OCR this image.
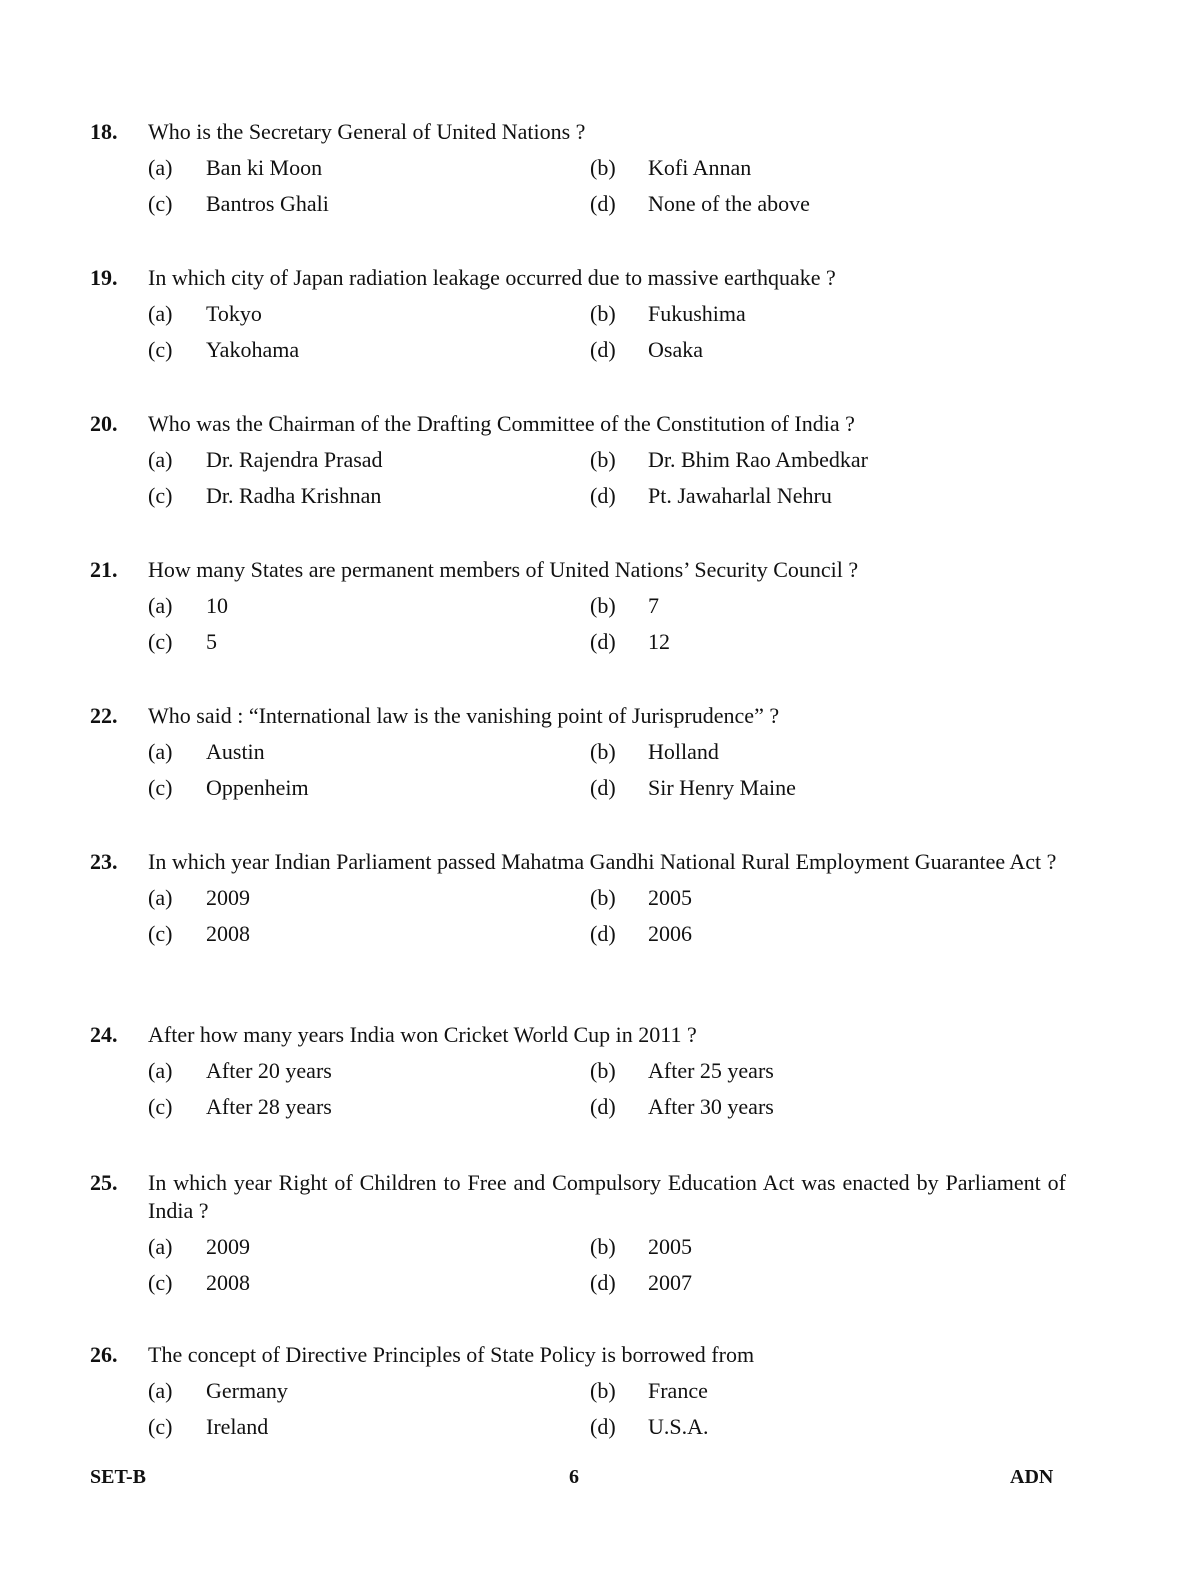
18.	Who is the Secretary General of United Nations ?
(a)	Ban ki Moon	(b)	Kofi Annan
(c)	Bantros Ghali	(d)	None of the above
19.	In which city of Japan radiation leakage occurred due to massive earthquake ?
(a)	Tokyo	(b)	Fukushima
(c)	Yakohama	(d)	Osaka
20.	Who was the Chairman of the Drafting Committee of the Constitution of India ?
(a)	Dr. Rajendra Prasad	(b)	Dr. Bhim Rao Ambedkar
(c)	Dr. Radha Krishnan	(d)	Pt. Jawaharlal Nehru
21.	How many States are permanent members of United Nations’ Security Council ?
(a)	10	(b)	7
(c)	5	(d)	12
22.	Who said : “International law is the vanishing point of Jurisprudence” ?
(a)	Austin	(b)	Holland
(c)	Oppenheim	(d)	Sir Henry Maine
23.	In which year Indian Parliament passed Mahatma Gandhi National Rural Employment Guarantee Act ?
(a)	2009	(b)	2005
(c)	2008	(d)	2006
24.	After how many years India won Cricket World Cup in 2011 ?
(a)	After 20 years	(b)	After 25 years
(c)	After 28 years	(d)	After 30 years
25.	In which year Right of Children to Free and Compulsory Education Act was enacted by Parliament of India ?
(a)	2009	(b)	2005
(c)	2008	(d)	2007
26.	The concept of Directive Principles of State Policy is borrowed from
(a)	Germany	(b)	France
(c)	Ireland	(d)	U.S.A.
SET-B	6	ADN
